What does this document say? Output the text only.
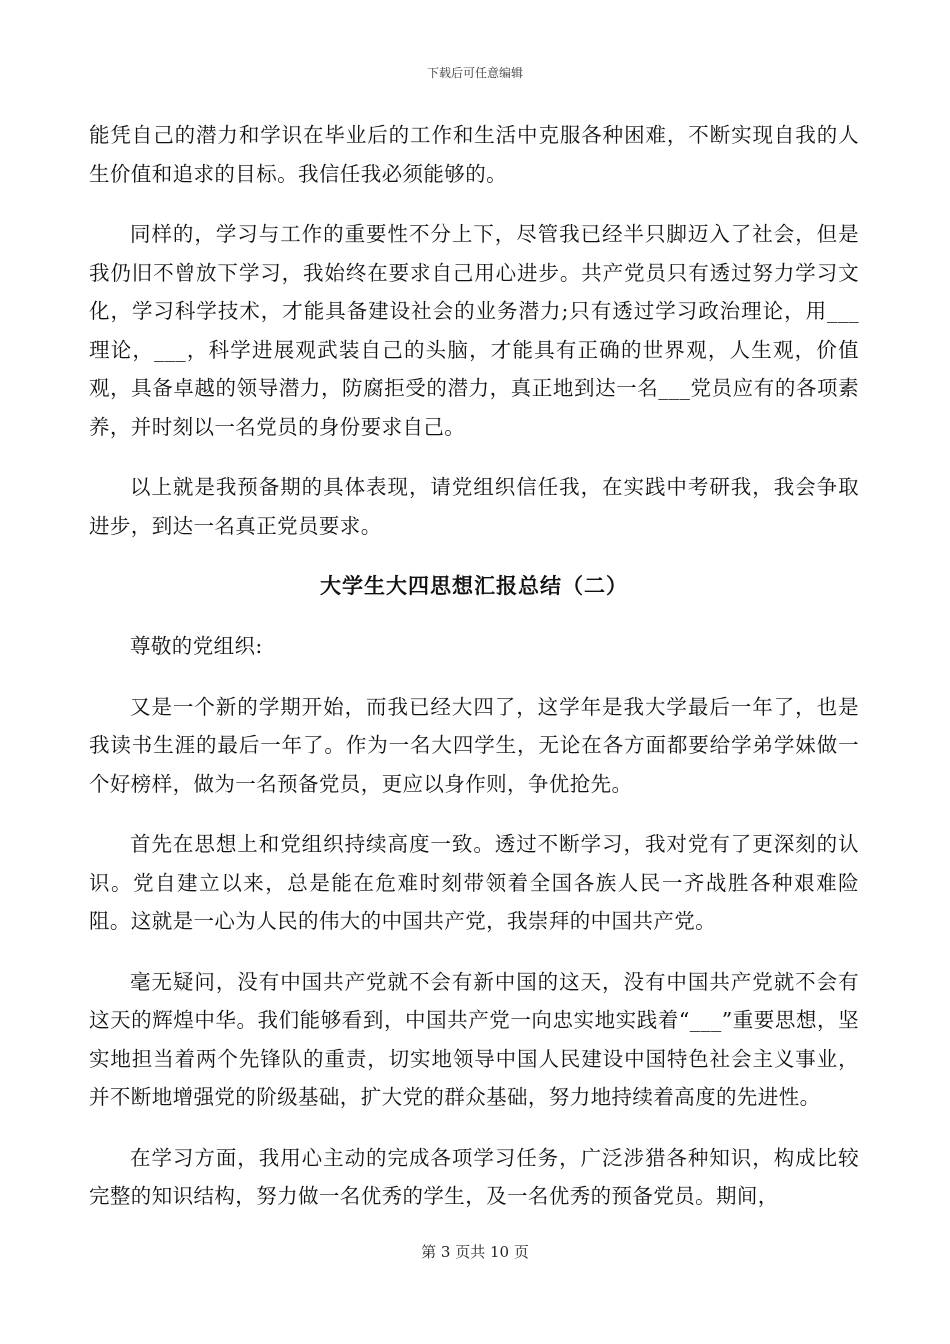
下载后可任意编辑

能凭自己的潜力和学识在毕业后的工作和生活中克服各种困难，不断实现自我的人生价值和追求的目标。我信任我必须能够的。

同样的，学习与工作的重要性不分上下，尽管我已经半只脚迈入了社会，但是我仍旧不曾放下学习，我始终在要求自己用心进步。共产党员只有透过努力学习文化，学习科学技术，才能具备建设社会的业务潜力;只有透过学习政治理论，用___理论，___，科学进展观武装自己的头脑，才能具有正确的世界观，人生观，价值观，具备卓越的领导潜力，防腐拒受的潜力，真正地到达一名___党员应有的各项素养，并时刻以一名党员的身份要求自己。

以上就是我预备期的具体表现，请党组织信任我，在实践中考研我，我会争取进步，到达一名真正党员要求。

大学生大四思想汇报总结（二）

尊敬的党组织:

又是一个新的学期开始，而我已经大四了，这学年是我大学最后一年了，也是我读书生涯的最后一年了。作为一名大四学生，无论在各方面都要给学弟学妹做一个好榜样，做为一名预备党员，更应以身作则，争优抢先。

首先在思想上和党组织持续高度一致。透过不断学习，我对党有了更深刻的认识。党自建立以来，总是能在危难时刻带领着全国各族人民一齐战胜各种艰难险阻。这就是一心为人民的伟大的中国共产党，我崇拜的中国共产党。

毫无疑问，没有中国共产党就不会有新中国的这天，没有中国共产党就不会有这天的辉煌中华。我们能够看到，中国共产党一向忠实地实践着“___”重要思想，坚实地担当着两个先锋队的重责，切实地领导中国人民建设中国特色社会主义事业，并不断地增强党的阶级基础，扩大党的群众基础，努力地持续着高度的先进性。

在学习方面，我用心主动的完成各项学习任务，广泛涉猎各种知识，构成比较完整的知识结构，努力做一名优秀的学生，及一名优秀的预备党员。期间，

第 3 页共 10 页
